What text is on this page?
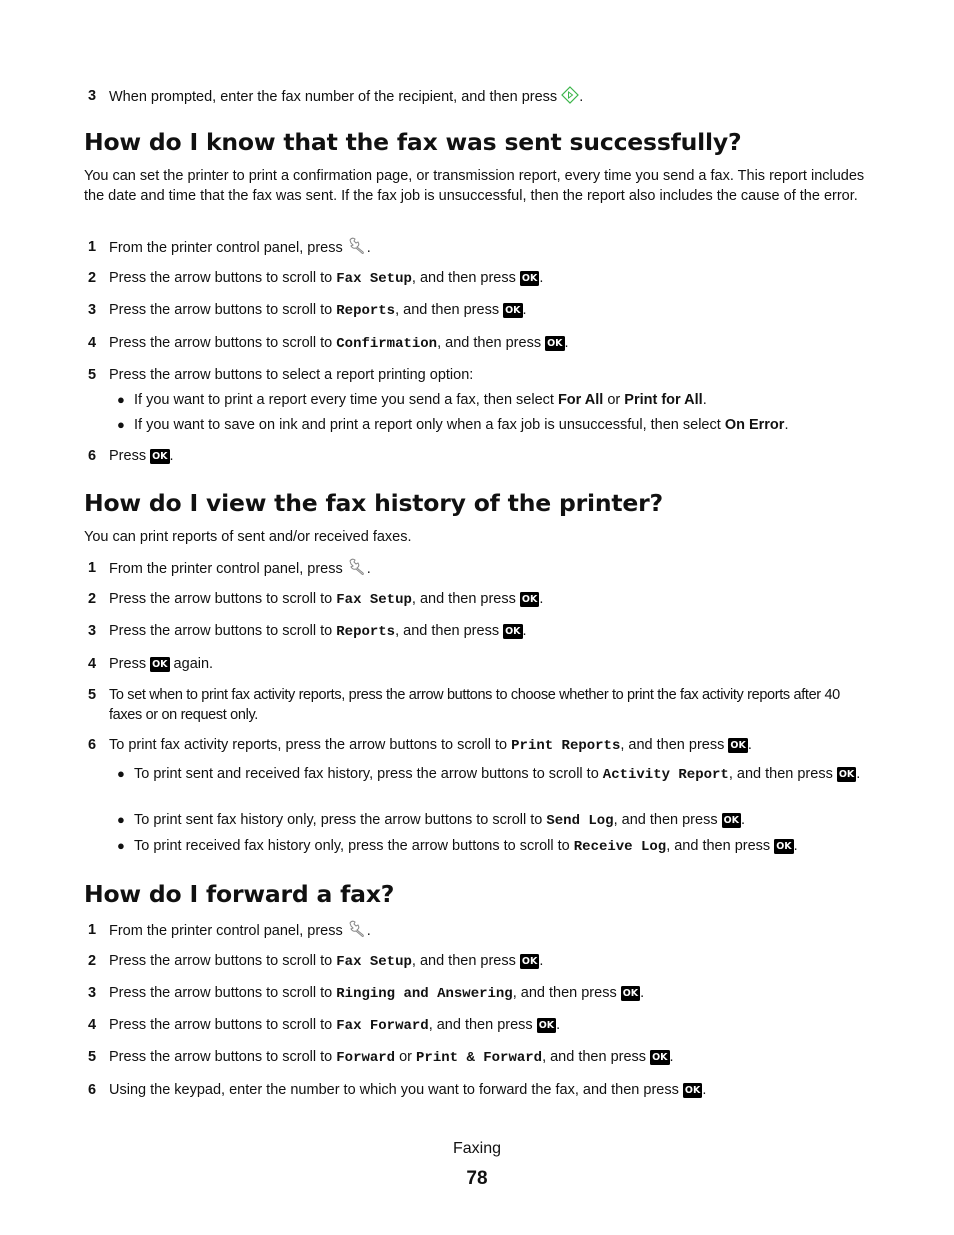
3 When prompted, enter the fax number of the recipient, and then press .
How do I know that the fax was sent successfully?
You can set the printer to print a confirmation page, or transmission report, every time you send a fax. This report includes the date and time that the fax was sent. If the fax job is unsuccessful, then the report also includes the cause of the error.
1 From the printer control panel, press .
2 Press the arrow buttons to scroll to Fax Setup, and then press OK .
3 Press the arrow buttons to scroll to Reports, and then press OK .
4 Press the arrow buttons to scroll to Confirmation, and then press OK .
5 Press the arrow buttons to select a report printing option:
● If you want to print a report every time you send a fax, then select For All or Print for All.
● If you want to save on ink and print a report only when a fax job is unsuccessful, then select On Error.
6 Press OK .
How do I view the fax history of the printer?
You can print reports of sent and/or received faxes.
1 From the printer control panel, press .
2 Press the arrow buttons to scroll to Fax Setup, and then press OK .
3 Press the arrow buttons to scroll to Reports, and then press OK .
4 Press OK again.
5 To set when to print fax activity reports, press the arrow buttons to choose whether to print the fax activity reports after 40 faxes or on request only.
6 To print fax activity reports, press the arrow buttons to scroll to Print Reports, and then press OK .
● To print sent and received fax history, press the arrow buttons to scroll to Activity Report, and then press OK .
● To print sent fax history only, press the arrow buttons to scroll to Send Log, and then press OK .
● To print received fax history only, press the arrow buttons to scroll to Receive Log, and then press OK .
How do I forward a fax?
1 From the printer control panel, press .
2 Press the arrow buttons to scroll to Fax Setup, and then press OK .
3 Press the arrow buttons to scroll to Ringing and Answering, and then press OK .
4 Press the arrow buttons to scroll to Fax Forward, and then press OK .
5 Press the arrow buttons to scroll to Forward or Print & Forward, and then press OK .
6 Using the keypad, enter the number to which you want to forward the fax, and then press OK .
Faxing
78
